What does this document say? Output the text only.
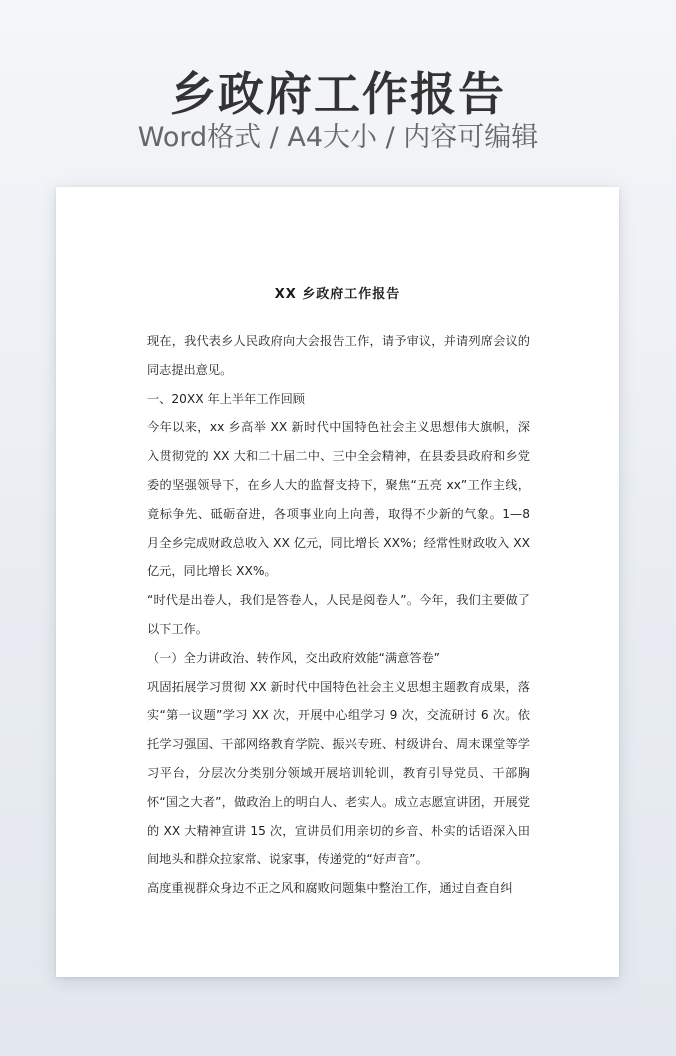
乡政府工作报告
Word格式 / A4大小 / 内容可编辑
XX 乡政府工作报告

现在，我代表乡人民政府向大会报告工作，请予审议，并请列席会议的同志提出意见。

一、20XX 年上半年工作回顾

今年以来，xx 乡高举 XX 新时代中国特色社会主义思想伟大旗帜，深入贯彻党的 XX 大和二十届二中、三中全会精神，在县委县政府和乡党委的坚强领导下，在乡人大的监督支持下，聚焦“五亮 xx”工作主线，竟标争先、砥砺奋进，各项事业向上向善，取得不少新的气象。1—8 月全乡完成财政总收入 XX 亿元，同比增长 XX%；经常性财政收入 XX 亿元，同比增长 XX%。

“时代是出卷人，我们是答卷人，人民是阅卷人”。今年，我们主要做了以下工作。

（一）全力讲政治、转作风，交出政府效能“满意答卷”

巩固拓展学习贯彻 XX 新时代中国特色社会主义思想主题教育成果，落实“第一议题”学习 XX 次，开展中心组学习 9 次，交流研讨 6 次。依托学习强国、干部网络教育学院、振兴专班、村级讲台、周末课堂等学习平台，分层次分类别分领域开展培训轮训，教育引导党员、干部胸怀“国之大者”，做政治上的明白人、老实人。成立志愿宣讲团，开展党的 XX 大精神宣讲 15 次，宣讲员们用亲切的乡音、朴实的话语深入田间地头和群众拉家常、说家事，传递党的“好声音”。

高度重视群众身边不正之风和腐败问题集中整治工作，通过自查自纠
